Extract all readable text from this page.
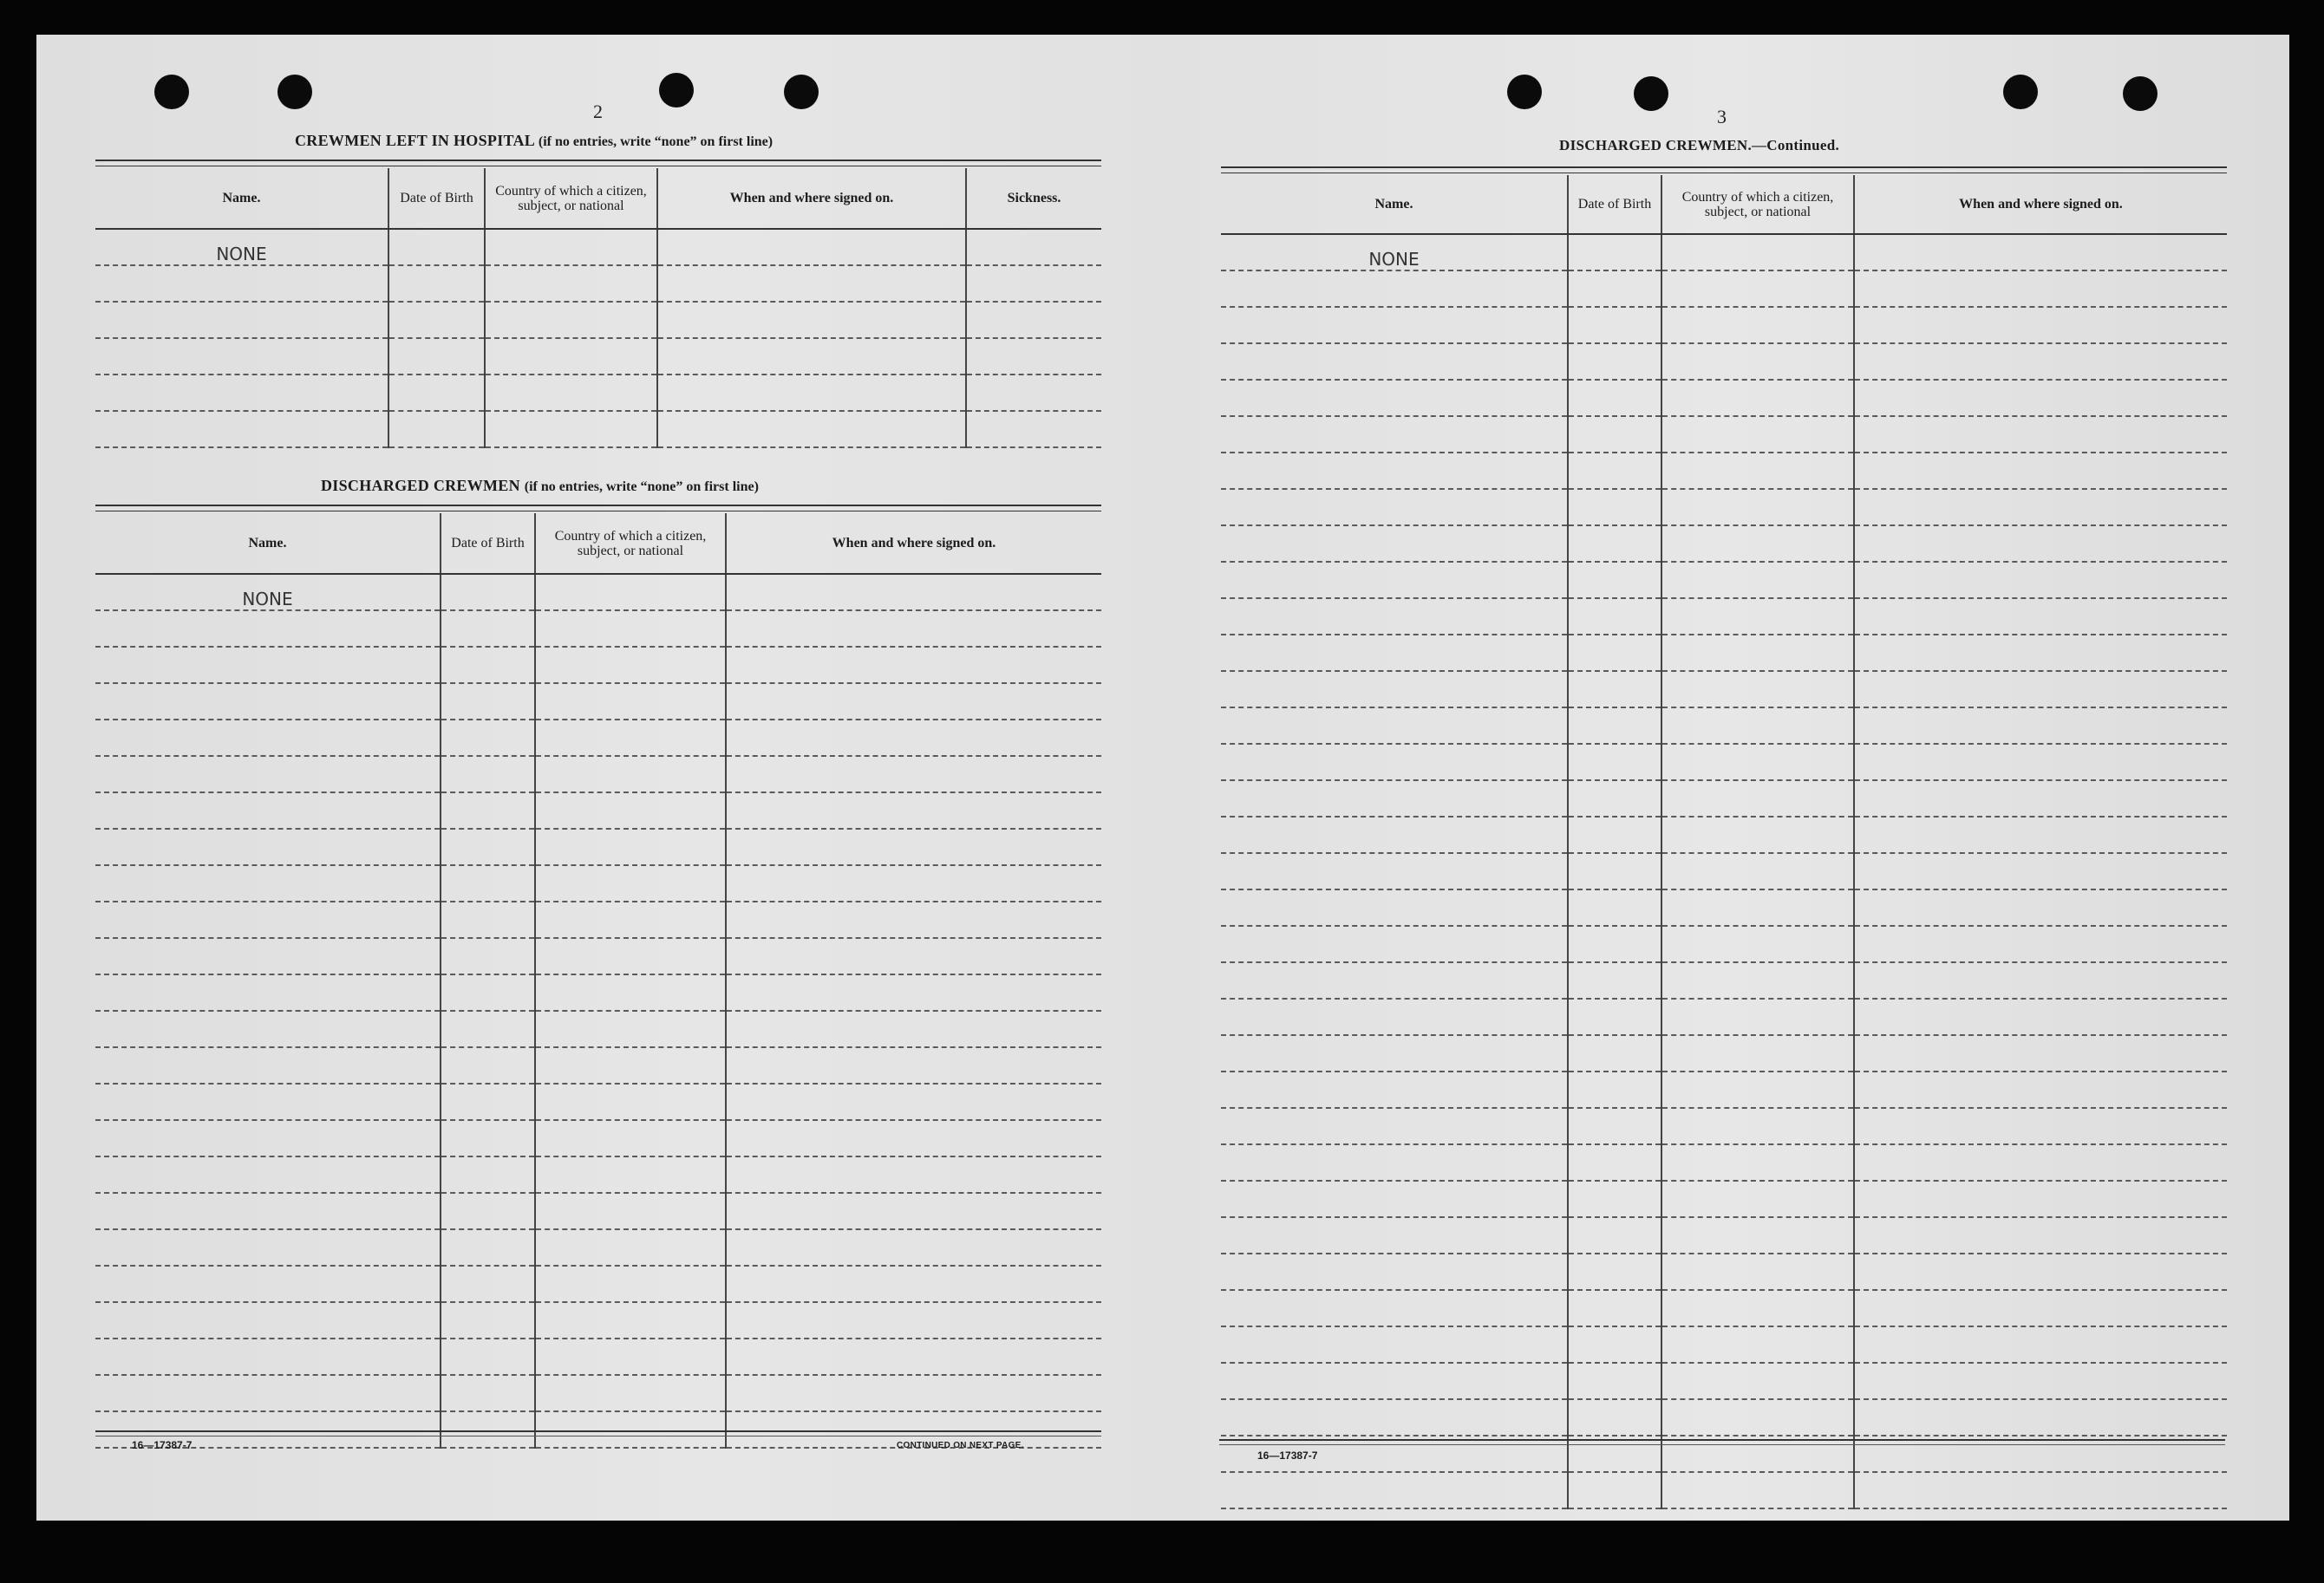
2
CREWMEN LEFT IN HOSPITAL (if no entries, write “none” on first line)
Name.	Date of Birth	Country of which a citizen, subject, or national	When and where signed on.	Sickness.
NONE				

DISCHARGED CREWMEN (if no entries, write “none” on first line)
Name.	Date of Birth	Country of which a citizen, subject, or national	When and where signed on.
NONE			

16—17387-7	CONTINUED ON NEXT PAGE.
3
DISCHARGED CREWMEN.—Continued.
Name.	Date of Birth	Country of which a citizen, subject, or national	When and where signed on.
NONE			

16—17387-7
